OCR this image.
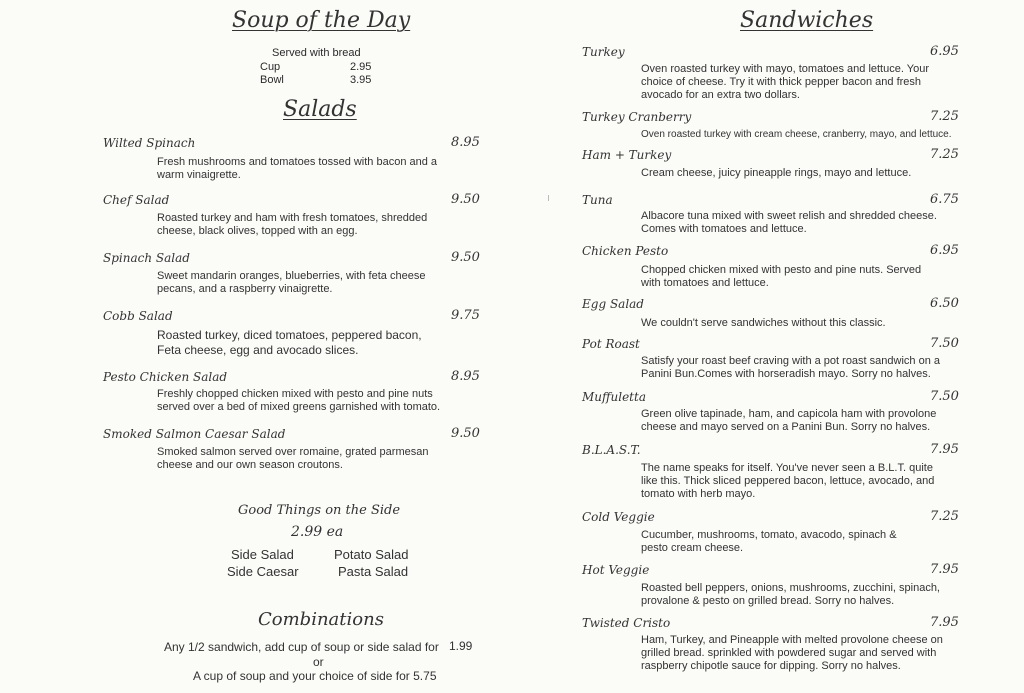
Soup of the Day
Served with bread
Cup	2.95
Bowl	3.95
Salads
Wilted Spinach	8.95
Fresh mushrooms and tomatoes tossed with bacon and a warm vinaigrette.
Chef Salad	9.50
Roasted turkey and ham with fresh tomatoes, shredded cheese, black olives, topped with an egg.
Spinach Salad	9.50
Sweet mandarin oranges, blueberries, with feta cheese pecans, and a raspberry vinaigrette.
Cobb Salad	9.75
Roasted turkey, diced tomatoes, peppered bacon, Feta cheese, egg and avocado slices.
Pesto Chicken Salad	8.95
Freshly chopped chicken mixed with pesto and pine nuts served over a bed of mixed greens garnished with tomato.
Smoked Salmon Caesar Salad	9.50
Smoked salmon served over romaine, grated parmesan cheese and our own season croutons.
Good Things on the Side
2.99 ea
Side Salad	Potato Salad
Side Caesar	Pasta Salad
Combinations
Any 1/2 sandwich, add cup of soup or side salad for 1.99
or
A cup of soup and your choice of side for 5.75
Sandwiches
Turkey	6.95
Oven roasted turkey with mayo, tomatoes and lettuce. Your choice of cheese. Try it with thick pepper bacon and fresh avocado for an extra two dollars.
Turkey Cranberry	7.25
Oven roasted turkey with cream cheese, cranberry, mayo, and lettuce.
Ham + Turkey	7.25
Cream cheese, juicy pineapple rings, mayo and lettuce.
Tuna	6.75
Albacore tuna mixed with sweet relish and shredded cheese. Comes with tomatoes and lettuce.
Chicken Pesto	6.95
Chopped chicken mixed with pesto and pine nuts. Served with tomatoes and lettuce.
Egg Salad	6.50
We couldn't serve sandwiches without this classic.
Pot Roast	7.50
Satisfy your roast beef craving with a pot roast sandwich on a Panini Bun.Comes with horseradish mayo. Sorry no halves.
Muffuletta	7.50
Green olive tapinade, ham, and capicola ham with provolone cheese and mayo served on a Panini Bun. Sorry no halves.
B.L.A.S.T.	7.95
The name speaks for itself. You've never seen a B.L.T. quite like this. Thick sliced peppered bacon, lettuce, avocado, and tomato with herb mayo.
Cold Veggie	7.25
Cucumber, mushrooms, tomato, avacodo, spinach & pesto cream cheese.
Hot Veggie	7.95
Roasted bell peppers, onions, mushrooms, zucchini, spinach, provalone & pesto on grilled bread. Sorry no halves.
Twisted Cristo	7.95
Ham, Turkey, and Pineapple with melted provolone cheese on grilled bread. sprinkled with powdered sugar and served with raspberry chipotle sauce for dipping. Sorry no halves.
